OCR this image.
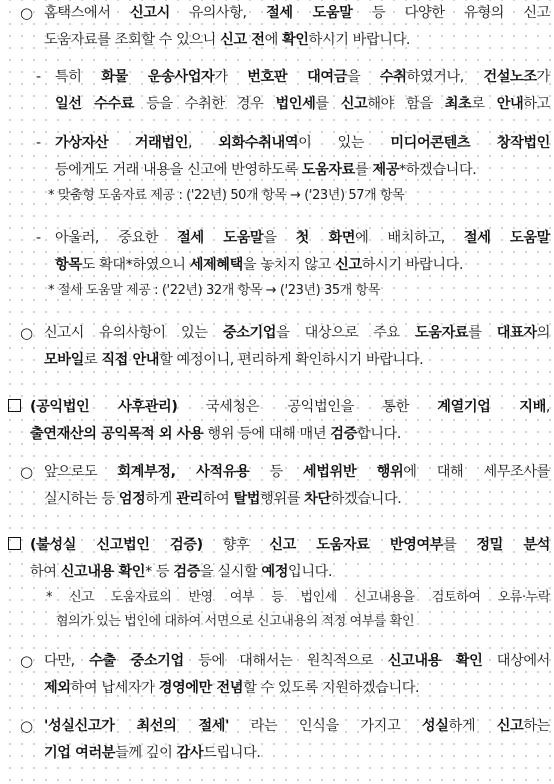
○ 홈택스에서 신고시 유의사항, 절세 도움말 등 다양한 유형의 신고
도움자료를 조회할 수 있으니 신고 전에 확인하시기 바랍니다.
- 특히 화물 운송사업자가 번호판 대여금을 수취하였거나, 건설노조가
일선 수수료 등을 수취한 경우 법인세를 신고해야 함을 최초로 안내하고
- 가상자산 거래법인, 외화수취내역이 있는 미디어콘텐츠 창작법인
등에게도 거래 내용을 신고에 반영하도록 도움자료를 제공*하겠습니다.
* 맞춤형 도움자료 제공 : ('22년) 50개 항목 → ('23년) 57개 항목
- 아울러, 중요한 절세 도움말을 첫 화면에 배치하고, 절세 도움말
항목도 확대*하였으니 세제혜택을 놓치지 않고 신고하시기 바랍니다.
* 절세 도움말 제공 : ('22년) 32개 항목 → ('23년) 35개 항목
○ 신고시 유의사항이 있는 중소기업을 대상으로 주요 도움자료를 대표자의
모바일로 직접 안내할 예정이니, 편리하게 확인하시기 바랍니다.
(공익법인 사후관리) 국세청은 공익법인을 통한 계열기업 지배,
출연재산의 공익목적 외 사용 행위 등에 대해 매년 검증합니다.
○ 앞으로도 회계부정, 사적유용 등 세법위반 행위에 대해 세무조사를
실시하는 등 엄정하게 관리하여 탈법행위를 차단하겠습니다.
(불성실 신고법인 검증) 향후 신고 도움자료 반영여부를 정밀 분석
하여 신고내용 확인* 등 검증을 실시할 예정입니다.
* 신고 도움자료의 반영 여부 등 법인세 신고내용을 검토하여 오류·누락
혐의가 있는 법인에 대하여 서면으로 신고내용의 적정 여부를 확인
○ 다만, 수출 중소기업 등에 대해서는 원칙적으로 신고내용 확인 대상에서
제외하여 납세자가 경영에만 전념할 수 있도록 지원하겠습니다.
○ '성실신고가 최선의 절세' 라는 인식을 가지고 성실하게 신고하는
기업 여러분들께 깊이 감사드립니다.
